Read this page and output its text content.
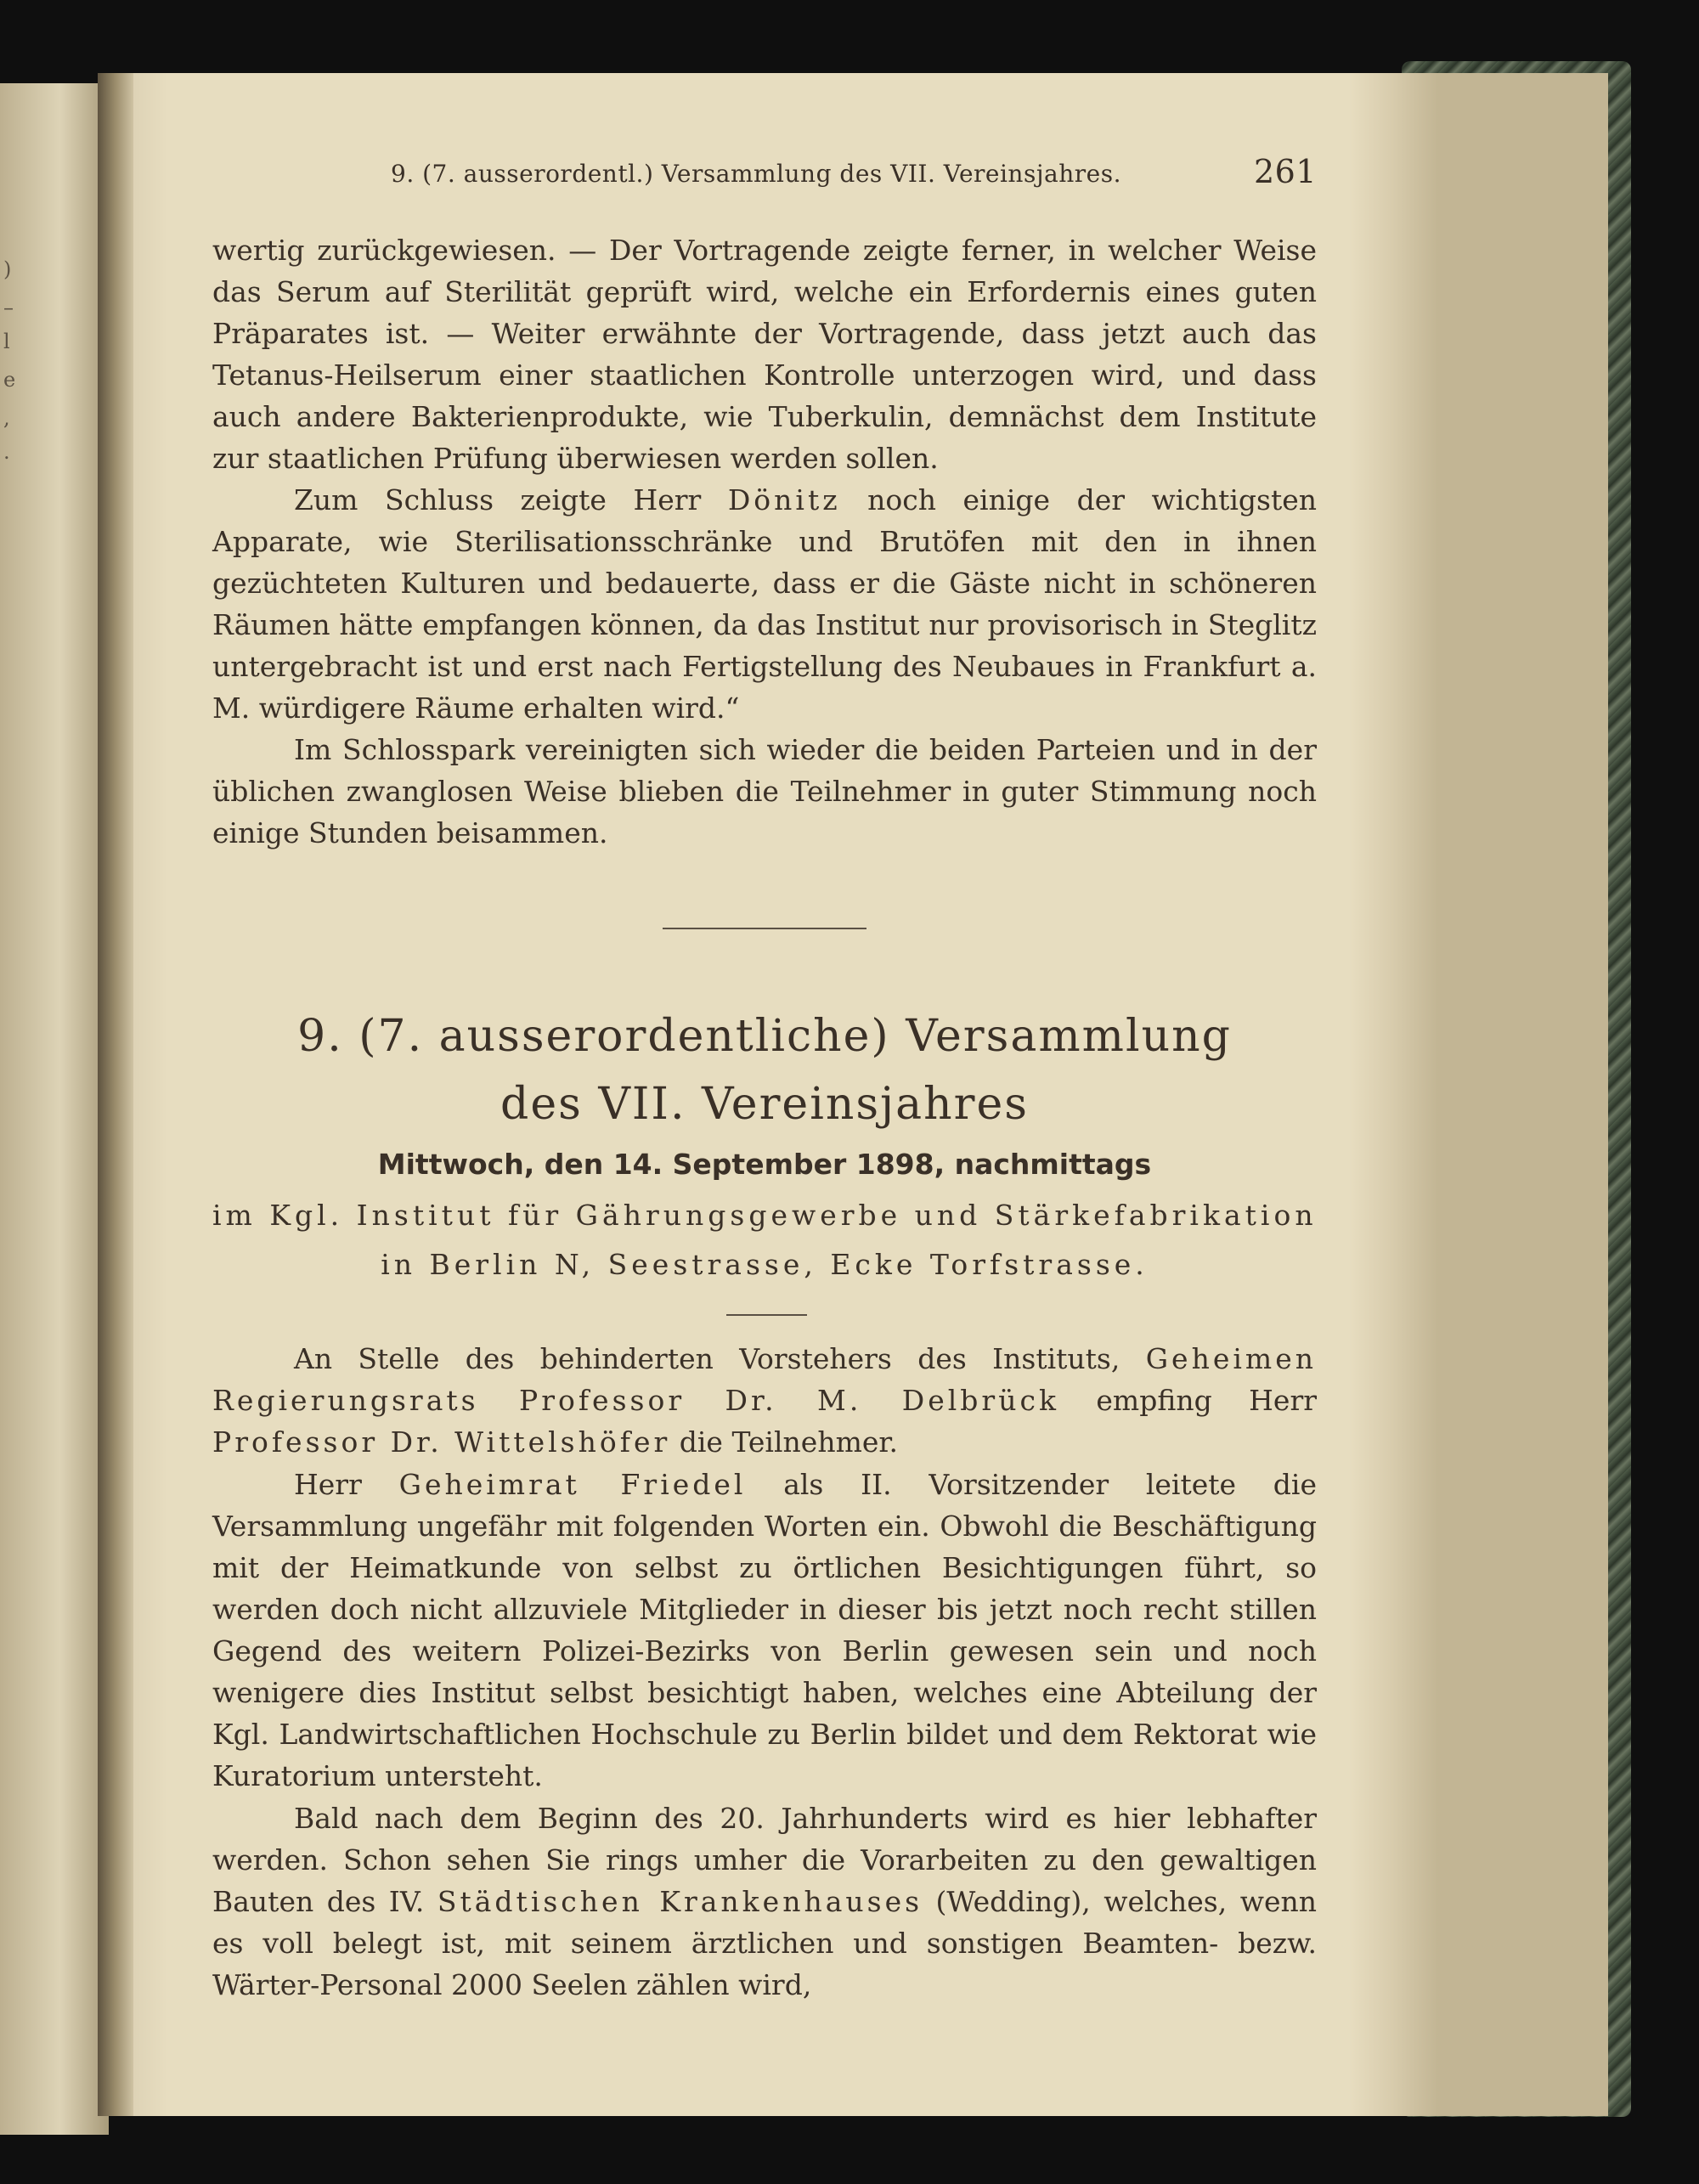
)
–
l
e
,
.
9. (7. ausserordentl.) Versammlung des VII. Vereinsjahres.	261

wertig zurückgewiesen. — Der Vortragende zeigte ferner, in welcher Weise das Serum auf Sterilität geprüft wird, welche ein Erfordernis eines guten Präparates ist. — Weiter erwähnte der Vortragende, dass jetzt auch das Tetanus-Heilserum einer staatlichen Kontrolle unterzogen wird, und dass auch andere Bakterienprodukte, wie Tuberkulin, demnächst dem Institute zur staatlichen Prüfung überwiesen werden sollen.

Zum Schluss zeigte Herr Dönitz noch einige der wichtigsten Apparate, wie Sterilisationsschränke und Brutöfen mit den in ihnen gezüchteten Kulturen und bedauerte, dass er die Gäste nicht in schöneren Räumen hätte empfangen können, da das Institut nur provisorisch in Steglitz untergebracht ist und erst nach Fertigstellung des Neubaues in Frankfurt a. M. würdigere Räume erhalten wird.“

Im Schlosspark vereinigten sich wieder die beiden Parteien und in der üblichen zwanglosen Weise blieben die Teilnehmer in guter Stimmung noch einige Stunden beisammen.

9. (7. ausserordentliche) Versammlung

des VII. Vereinsjahres

Mittwoch, den 14. September 1898, nachmittags

im Kgl. Institut für Gährungsgewerbe und Stärkefabrikation

in Berlin N, Seestrasse, Ecke Torfstrasse.

An Stelle des behinderten Vorstehers des Instituts, Geheimen Regierungsrats Professor Dr. M. Delbrück empfing Herr Professor Dr. Wittelshöfer die Teilnehmer.

Herr Geheimrat Friedel als II. Vorsitzender leitete die Versammlung ungefähr mit folgenden Worten ein. Obwohl die Beschäftigung mit der Heimatkunde von selbst zu örtlichen Besichtigungen führt, so werden doch nicht allzuviele Mitglieder in dieser bis jetzt noch recht stillen Gegend des weitern Polizei-Bezirks von Berlin gewesen sein und noch wenigere dies Institut selbst besichtigt haben, welches eine Abteilung der Kgl. Landwirtschaftlichen Hochschule zu Berlin bildet und dem Rektorat wie Kuratorium untersteht.

Bald nach dem Beginn des 20. Jahrhunderts wird es hier lebhafter werden. Schon sehen Sie rings umher die Vorarbeiten zu den gewaltigen Bauten des IV. Städtischen Krankenhauses (Wedding), welches, wenn es voll belegt ist, mit seinem ärztlichen und sonstigen Beamten- bezw. Wärter-Personal 2000 Seelen zählen wird,
